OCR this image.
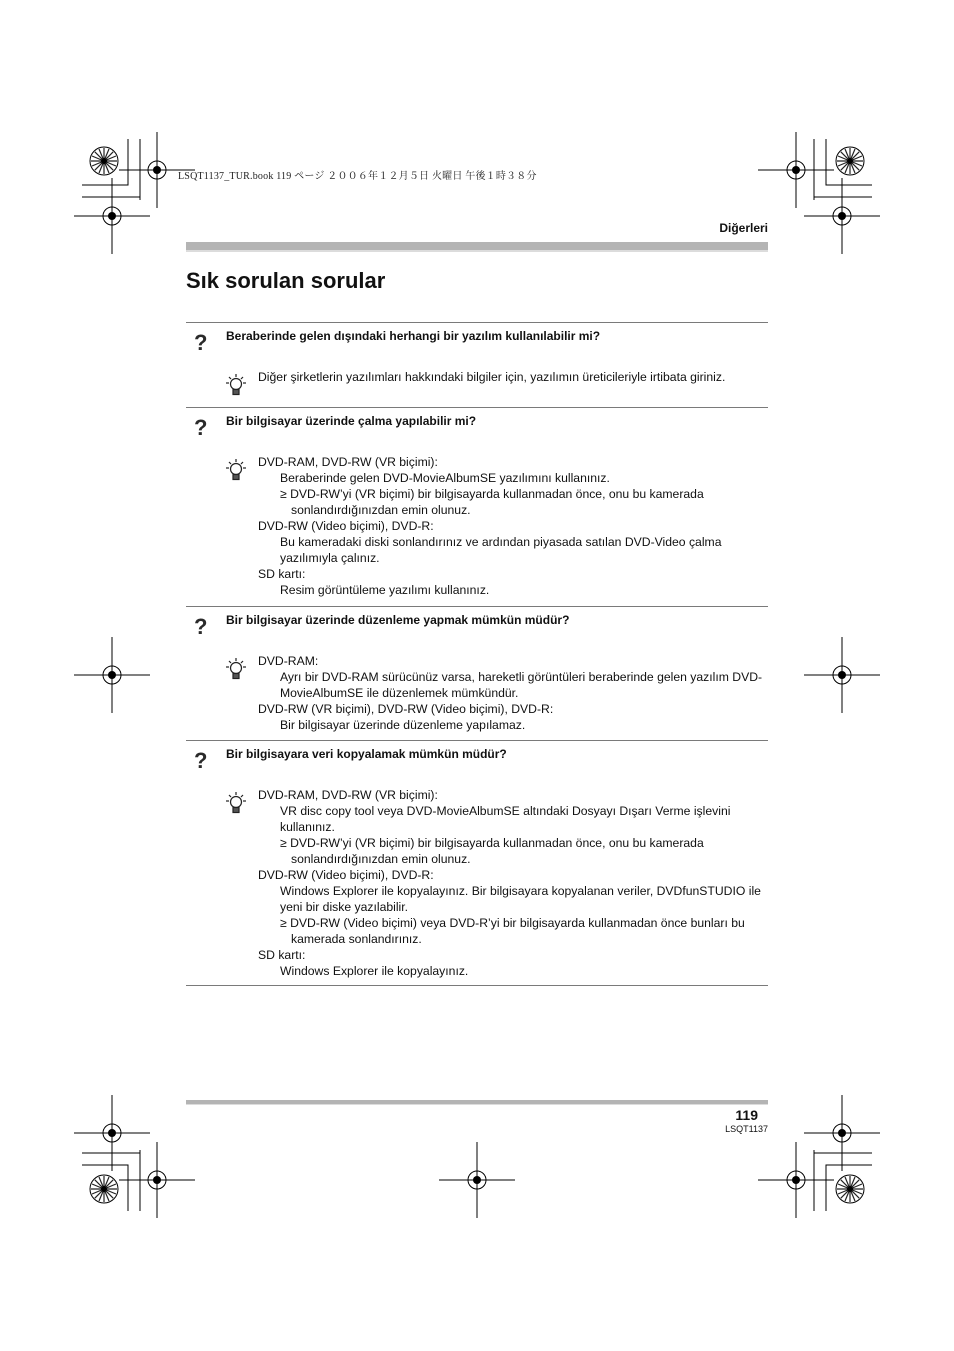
LSQT1137_TUR.book 119 ページ ２００６年１２月５日 火曜日 午後１時３８分
Diğerleri
Sık sorulan sorular
? Beraberinde gelen dışındaki herhangi bir yazılım kullanılabilir mi?
Diğer şirketlerin yazılımları hakkındaki bilgiler için, yazılımın üreticileriyle irtibata giriniz.
? Bir bilgisayar üzerinde çalma yapılabilir mi?
DVD-RAM, DVD-RW (VR biçimi):
Beraberinde gelen DVD-MovieAlbumSE yazılımını kullanınız.
≥ DVD-RW’yi (VR biçimi) bir bilgisayarda kullanmadan önce, onu bu kamerada sonlandırdığınızdan emin olunuz.
DVD-RW (Video biçimi), DVD-R:
Bu kameradaki diski sonlandırınız ve ardından piyasada satılan DVD-Video çalma yazılımıyla çalınız.
SD kartı:
Resim görüntüleme yazılımı kullanınız.
? Bir bilgisayar üzerinde düzenleme yapmak mümkün müdür?
DVD-RAM:
Ayrı bir DVD-RAM sürücünüz varsa, hareketli görüntüleri beraberinde gelen yazılım DVD-MovieAlbumSE ile düzenlemek mümkündür.
DVD-RW (VR biçimi), DVD-RW (Video biçimi), DVD-R:
Bir bilgisayar üzerinde düzenleme yapılamaz.
? Bir bilgisayara veri kopyalamak mümkün müdür?
DVD-RAM, DVD-RW (VR biçimi):
VR disc copy tool veya DVD-MovieAlbumSE altındaki Dosyayı Dışarı Verme işlevini kullanınız.
≥ DVD-RW’yi (VR biçimi) bir bilgisayarda kullanmadan önce, onu bu kamerada sonlandırdığınızdan emin olunuz.
DVD-RW (Video biçimi), DVD-R:
Windows Explorer ile kopyalayınız. Bir bilgisayara kopyalanan veriler, DVDfunSTUDIO ile yeni bir diske yazılabilir.
≥ DVD-RW (Video biçimi) veya DVD-R’yi bir bilgisayarda kullanmadan önce bunları bu kamerada sonlandırınız.
SD kartı:
Windows Explorer ile kopyalayınız.
119
LSQT1137
